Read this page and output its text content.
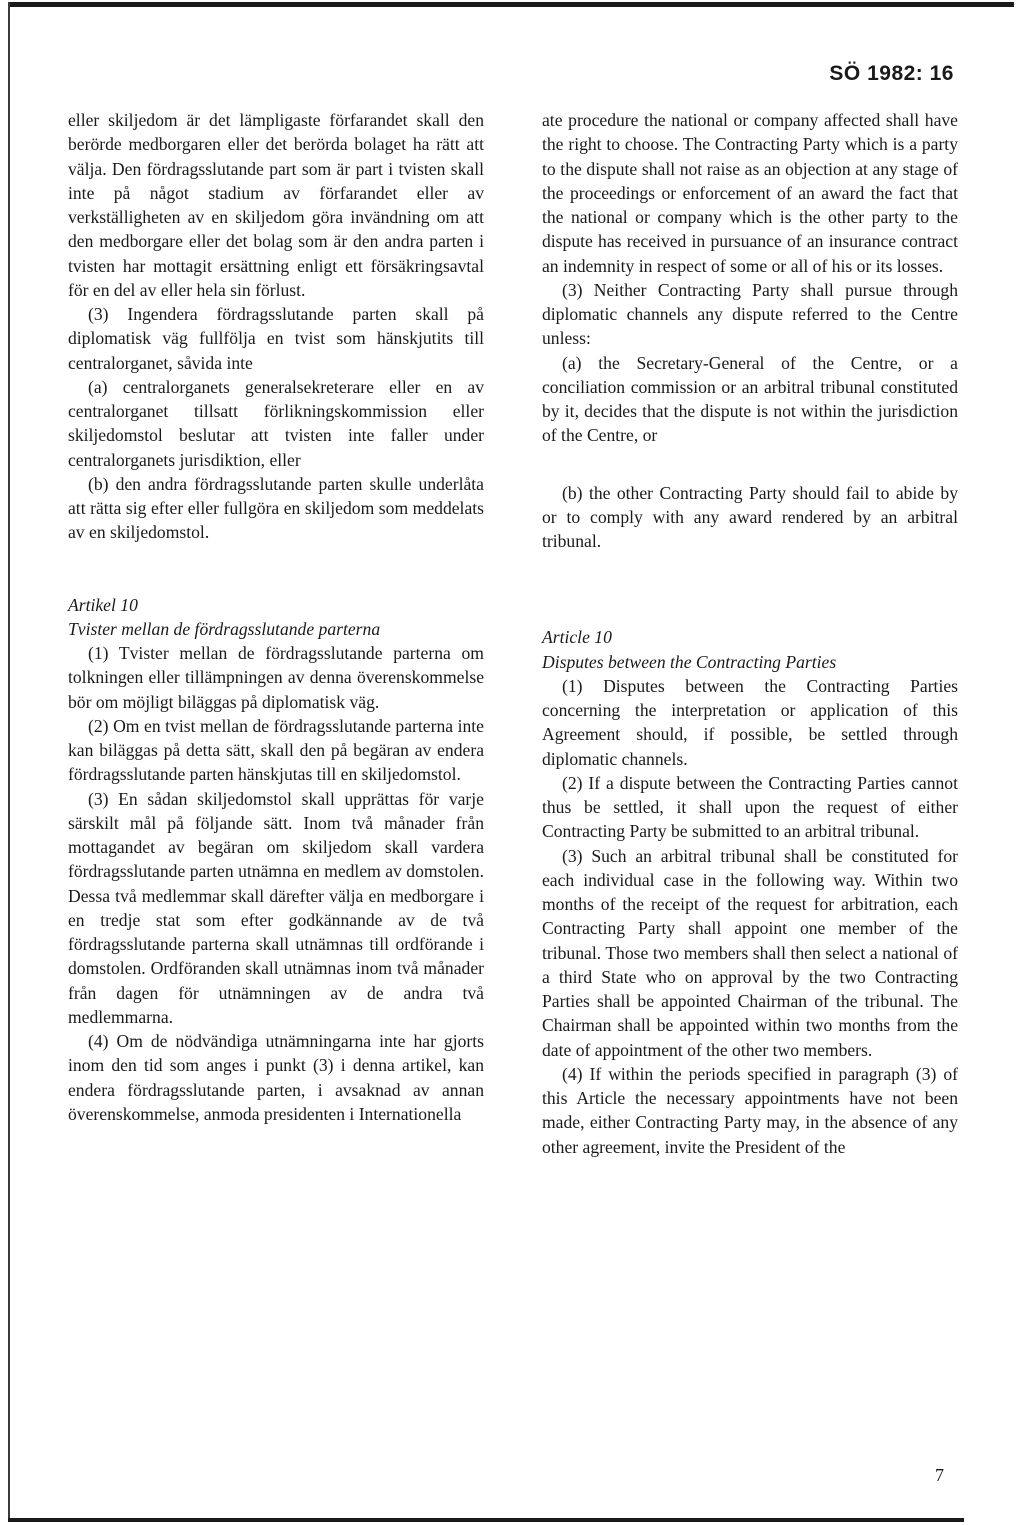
SÖ 1982: 16

eller skiljedom är det lämpligaste förfarandet skall den berörde medborgaren eller det berörda bolaget ha rätt att välja. Den fördragsslutande part som är part i tvisten skall inte på något stadium av förfarandet eller av verkställigheten av en skiljedom göra invändning om att den medborgare eller det bolag som är den andra parten i tvisten har mottagit ersättning enligt ett försäkringsavtal för en del av eller hela sin förlust.

(3) Ingendera fördragsslutande parten skall på diplomatisk väg fullfölja en tvist som hänskjutits till centralorganet, såvida inte

(a) centralorganets generalsekreterare eller en av centralorganet tillsatt förlikningskommission eller skiljedomstol beslutar att tvisten inte faller under centralorganets jurisdiktion, eller

(b) den andra fördragsslutande parten skulle underlåta att rätta sig efter eller fullgöra en skiljedom som meddelats av en skiljedomstol.

Artikel 10

Tvister mellan de fördragsslutande parterna

(1) Tvister mellan de fördragsslutande parterna om tolkningen eller tillämpningen av denna överenskommelse bör om möjligt biläggas på diplomatisk väg.

(2) Om en tvist mellan de fördragsslutande parterna inte kan biläggas på detta sätt, skall den på begäran av endera fördragsslutande parten hänskjutas till en skiljedomstol.

(3) En sådan skiljedomstol skall upprättas för varje särskilt mål på följande sätt. Inom två månader från mottagandet av begäran om skiljedom skall vardera fördragsslutande parten utnämna en medlem av domstolen. Dessa två medlemmar skall därefter välja en medborgare i en tredje stat som efter godkännande av de två fördragsslutande parterna skall utnämnas till ordförande i domstolen. Ordföranden skall utnämnas inom två månader från dagen för utnämningen av de andra två medlemmarna.

(4) Om de nödvändiga utnämningarna inte har gjorts inom den tid som anges i punkt (3) i denna artikel, kan endera fördragsslutande parten, i avsaknad av annan överenskommelse, anmoda presidenten i Internationella

ate procedure the national or company affected shall have the right to choose. The Contracting Party which is a party to the dispute shall not raise as an objection at any stage of the proceedings or enforcement of an award the fact that the national or company which is the other party to the dispute has received in pursuance of an insurance contract an indemnity in respect of some or all of his or its losses.

(3) Neither Contracting Party shall pursue through diplomatic channels any dispute referred to the Centre unless:

(a) the Secretary-General of the Centre, or a conciliation commission or an arbitral tribunal constituted by it, decides that the dispute is not within the jurisdiction of the Centre, or

(b) the other Contracting Party should fail to abide by or to comply with any award rendered by an arbitral tribunal.

Article 10

Disputes between the Contracting Parties

(1) Disputes between the Contracting Parties concerning the interpretation or application of this Agreement should, if possible, be settled through diplomatic channels.

(2) If a dispute between the Contracting Parties cannot thus be settled, it shall upon the request of either Contracting Party be submitted to an arbitral tribunal.

(3) Such an arbitral tribunal shall be constituted for each individual case in the following way. Within two months of the receipt of the request for arbitration, each Contracting Party shall appoint one member of the tribunal. Those two members shall then select a national of a third State who on approval by the two Contracting Parties shall be appointed Chairman of the tribunal. The Chairman shall be appointed within two months from the date of appointment of the other two members.

(4) If within the periods specified in paragraph (3) of this Article the necessary appointments have not been made, either Contracting Party may, in the absence of any other agreement, invite the President of the

7
